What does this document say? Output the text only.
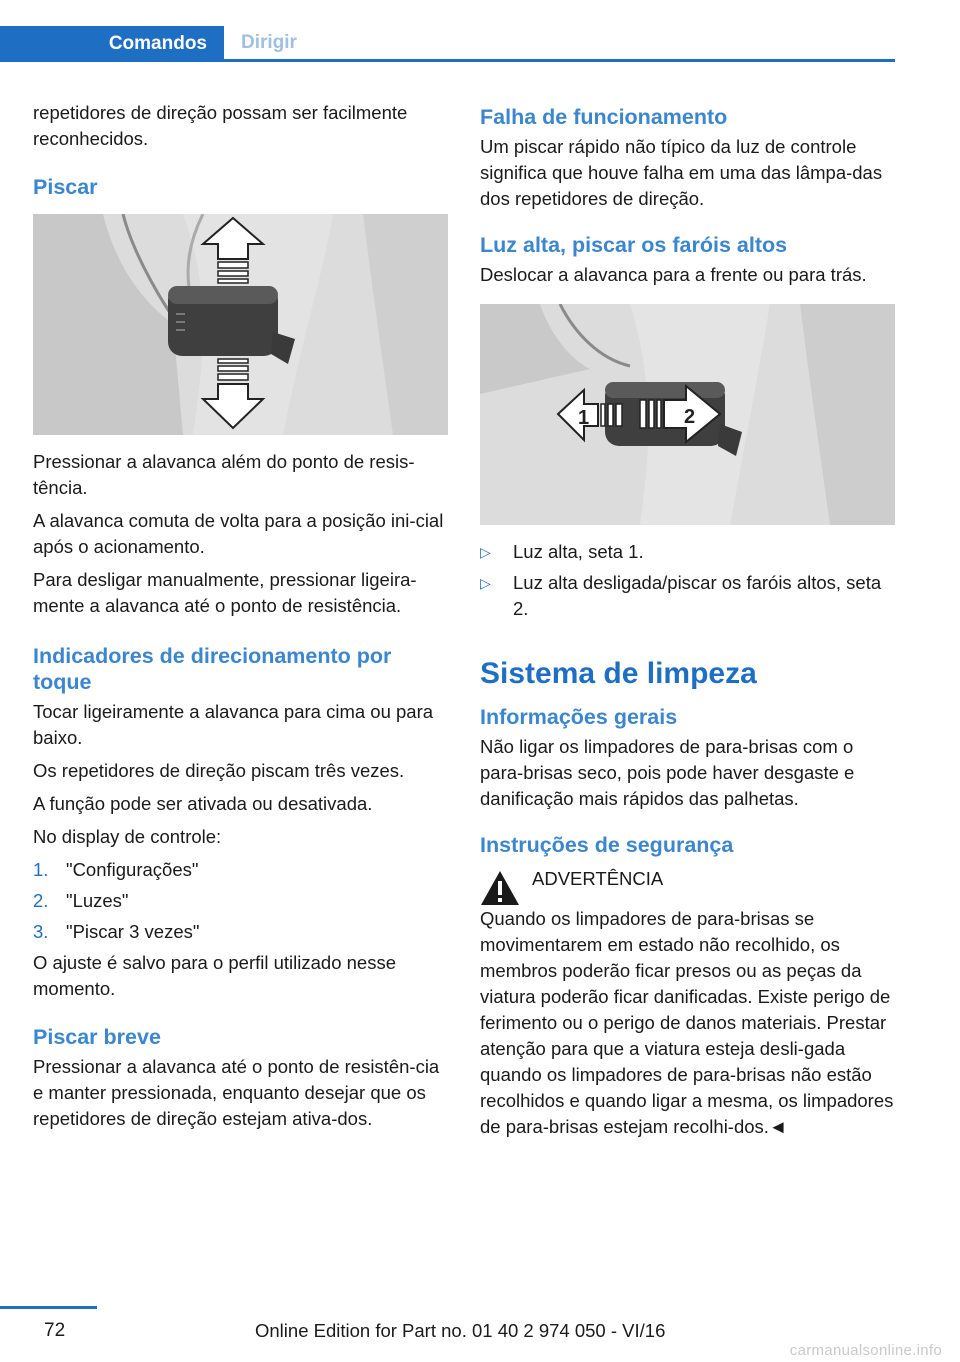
Comandos	Dirigir

repetidores de direção possam ser facilmente reconhecidos.

Piscar

Pressionar a alavanca além do ponto de resis‐tência.

A alavanca comuta de volta para a posição ini‐cial após o acionamento.

Para desligar manualmente, pressionar ligeira‐mente a alavanca até o ponto de resistência.

Indicadores de direcionamento por toque

Tocar ligeiramente a alavanca para cima ou para baixo.

Os repetidores de direção piscam três vezes.

A função pode ser ativada ou desativada.

No display de controle:

1. "Configurações"
2. "Luzes"
3. "Piscar 3 vezes"

O ajuste é salvo para o perfil utilizado nesse momento.

Piscar breve

Pressionar a alavanca até o ponto de resistên‐cia e manter pressionada, enquanto desejar que os repetidores de direção estejam ativa‐dos.

Falha de funcionamento

Um piscar rápido não típico da luz de controle significa que houve falha em uma das lâmpa‐das dos repetidores de direção.

Luz alta, piscar os faróis altos

Deslocar a alavanca para a frente ou para trás.

1	2
▷	Luz alta, seta 1.
▷	Luz alta desligada/piscar os faróis altos, seta 2.
Sistema de limpeza
Informações gerais

Não ligar os limpadores de para-brisas com o para-brisas seco, pois pode haver desgaste e danificação mais rápidos das palhetas.

Instruções de segurança
ADVERTÊNCIA

Quando os limpadores de para-brisas se movimentarem em estado não recolhido, os membros poderão ficar presos ou as peças da viatura poderão ficar danificadas. Existe perigo de ferimento ou o perigo de danos materiais. Prestar atenção para que a viatura esteja desli‐gada quando os limpadores de para-brisas não estão recolhidos e quando ligar a mesma, os limpadores de para-brisas estejam recolhi‐dos.◄

72	Online Edition for Part no. 01 40 2 974 050 - VI/16
carmanualsonline.info
